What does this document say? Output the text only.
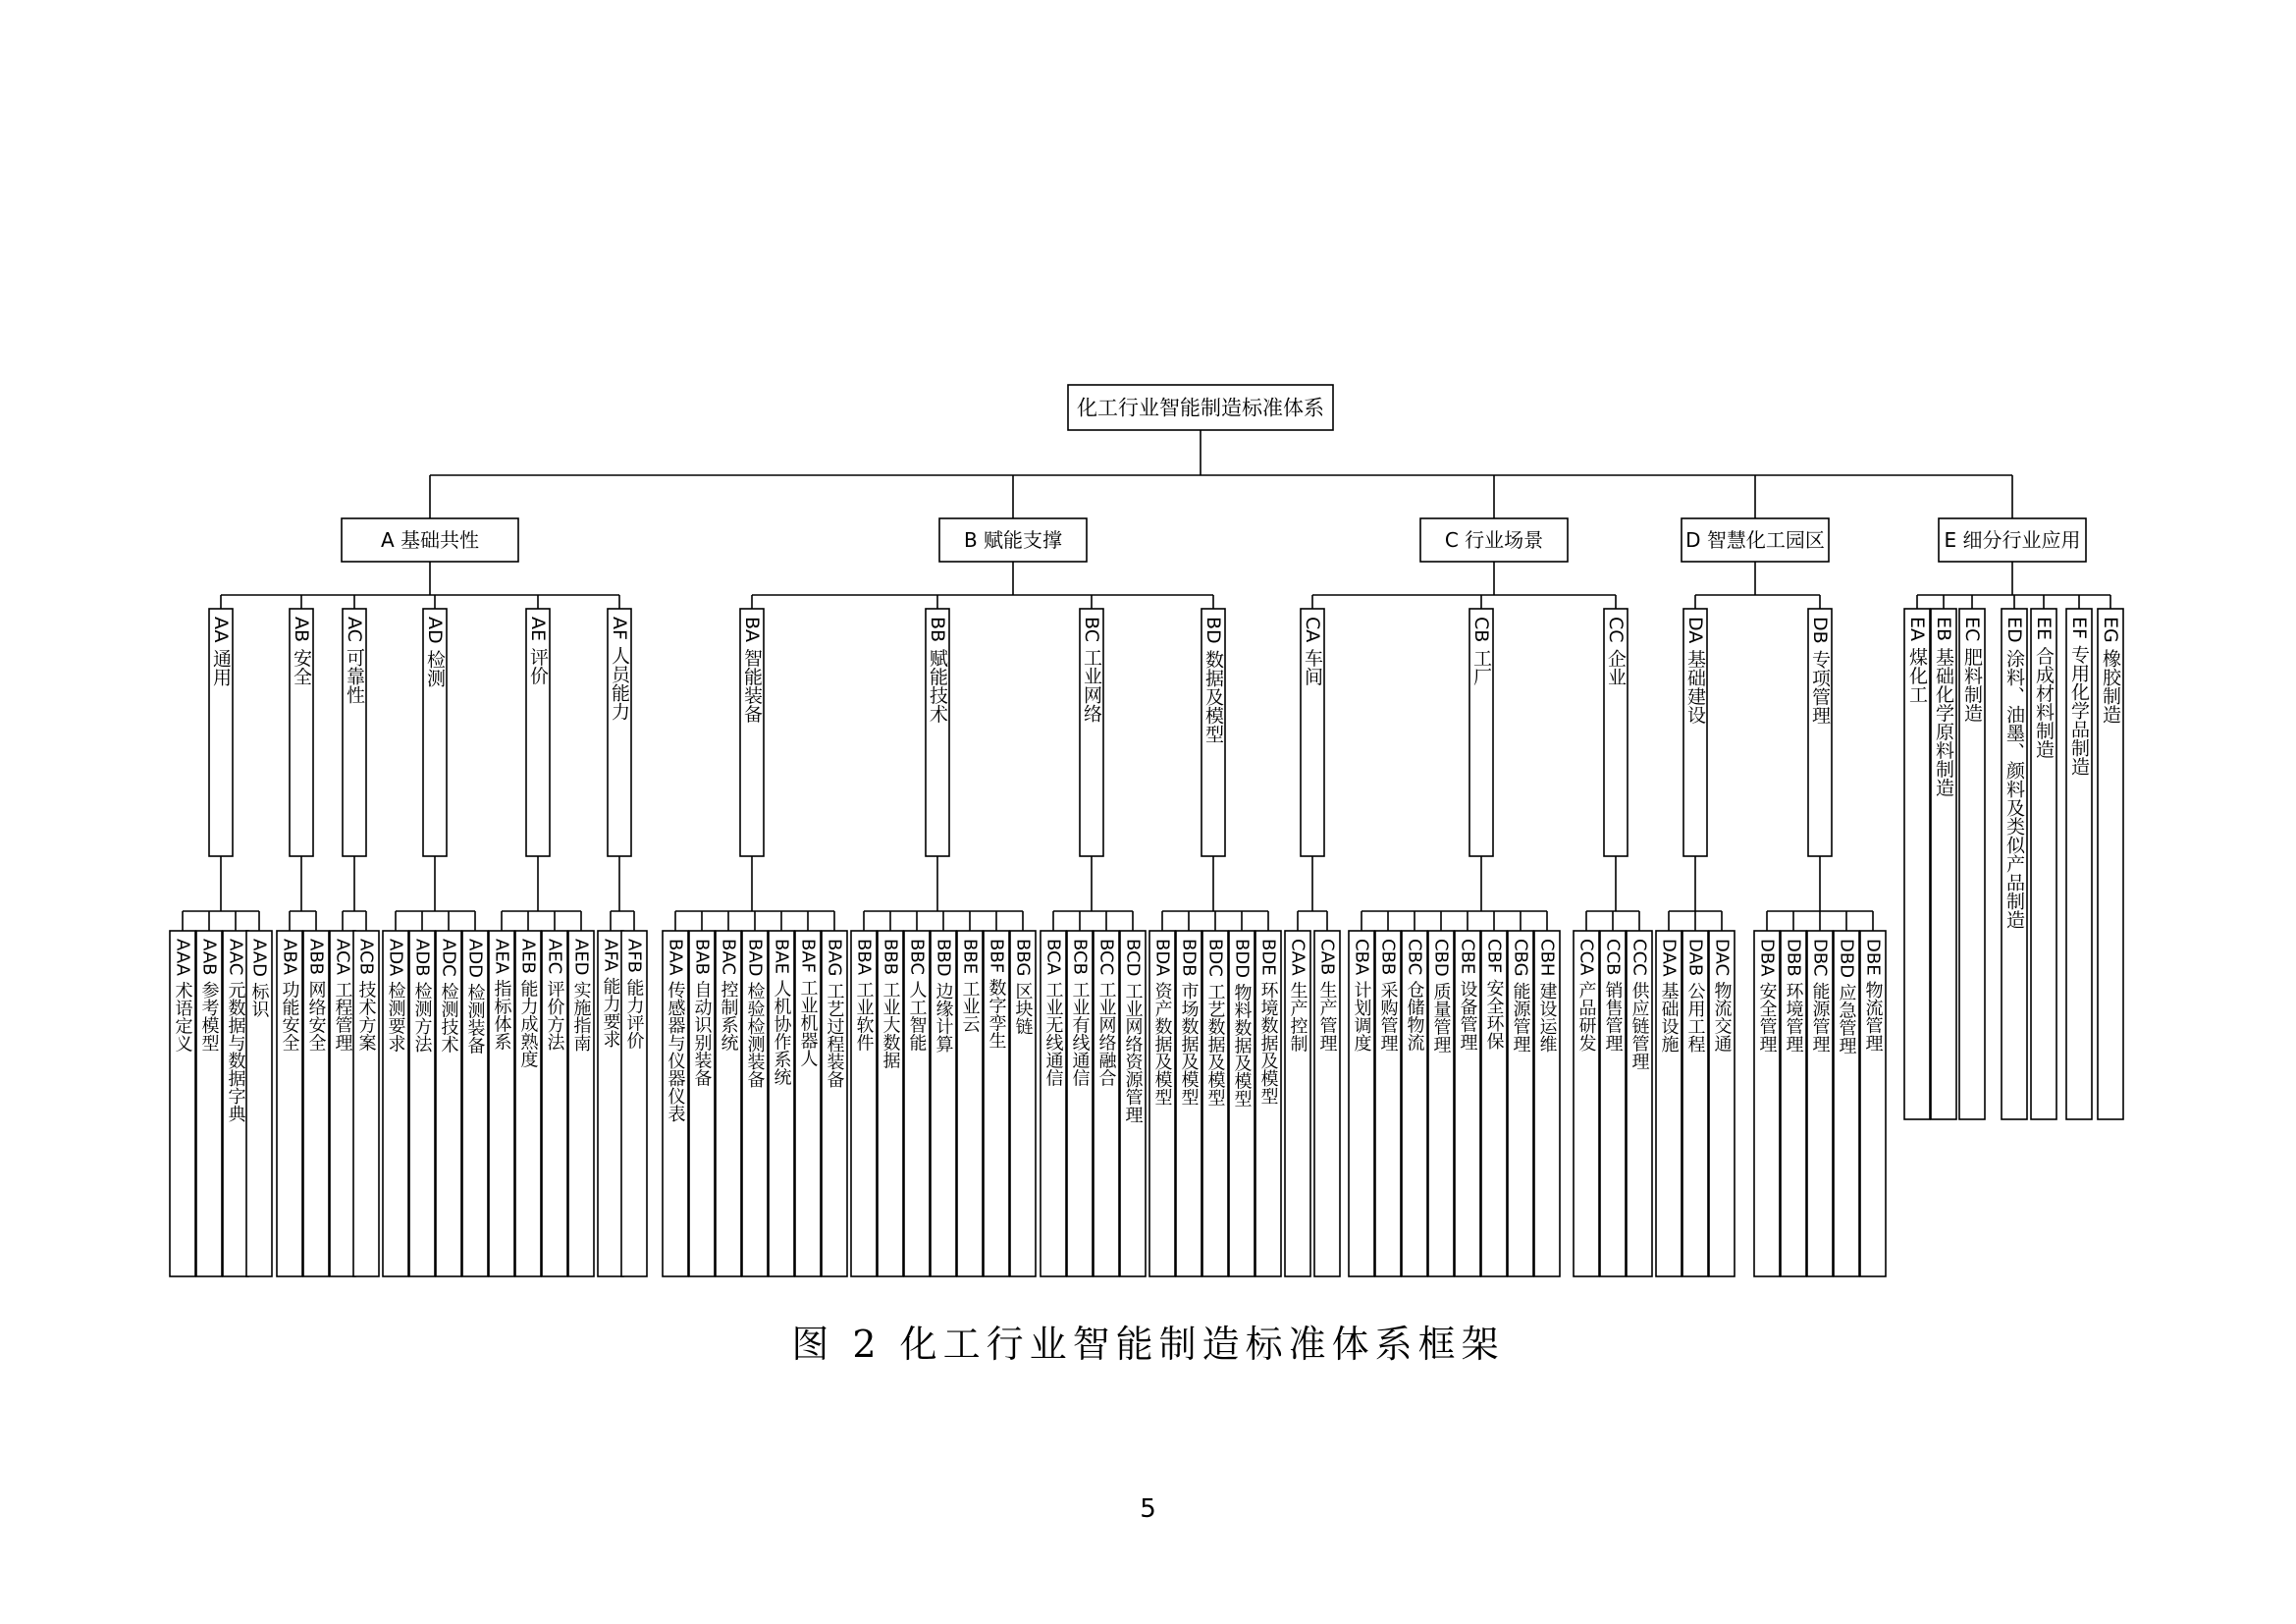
化工行业智能制造标准体系
A 基础共性
AA 通用
AAA 术语定义 AAB 参考模型 AAC 元数据与数据字典 AAD 标识
AB 安全
ABA 功能安全 ABB 网络安全
AC 可靠性
ACA 工程管理 ACB 技术方案
AD 检测
ADA 检测要求 ADB 检测方法 ADC 检测技术 ADD 检测装备
AE 评价
AEA 指标体系 AEB 能力成熟度 AEC 评价方法 AED 实施指南
AF 人员能力
AFA 能力要求 AFB 能力评价
B 赋能支撑
BA 智能装备
BAA 传感器与仪器仪表 BAB 自动识别装备 BAC 控制系统 BAD 检验检测装备 BAE 人机协作系统 BAF 工业机器人 BAG 工艺过程装备
BB 赋能技术
BBA 工业软件 BBB 工业大数据 BBC 人工智能 BBD 边缘计算 BBE 工业云 BBF 数字孪生 BBG 区块链
BC 工业网络
BCA 工业无线通信 BCB 工业有线通信 BCC 工业网络融合 BCD 工业网络资源管理
BD 数据及模型
BDA 资产数据及模型 BDB 市场数据及模型 BDC 工艺数据及模型 BDD 物料数据及模型 BDE 环境数据及模型
C 行业场景
CA 车间
CAA 生产控制 CAB 生产管理
CB 工厂
CBA 计划调度 CBB 采购管理 CBC 仓储物流 CBD 质量管理 CBE 设备管理 CBF 安全环保 CBG 能源管理 CBH 建设运维
CC 企业
CCA 产品研发 CCB 销售管理 CCC 供应链管理
D 智慧化工园区
DA 基础建设
DAA 基础设施 DAB 公用工程 DAC 物流交通
DB 专项管理
DBA 安全管理 DBB 环境管理 DBC 能源管理 DBD 应急管理 DBE 物流管理
E 细分行业应用
EA 煤化工 EB 基础化学原料制造 EC 肥料制造 ED 涂料、油墨、颜料及类似产品制造 EE 合成材料制造 EF 专用化学品制造 EG 橡胶制造
图 2 化工行业智能制造标准体系框架
5
